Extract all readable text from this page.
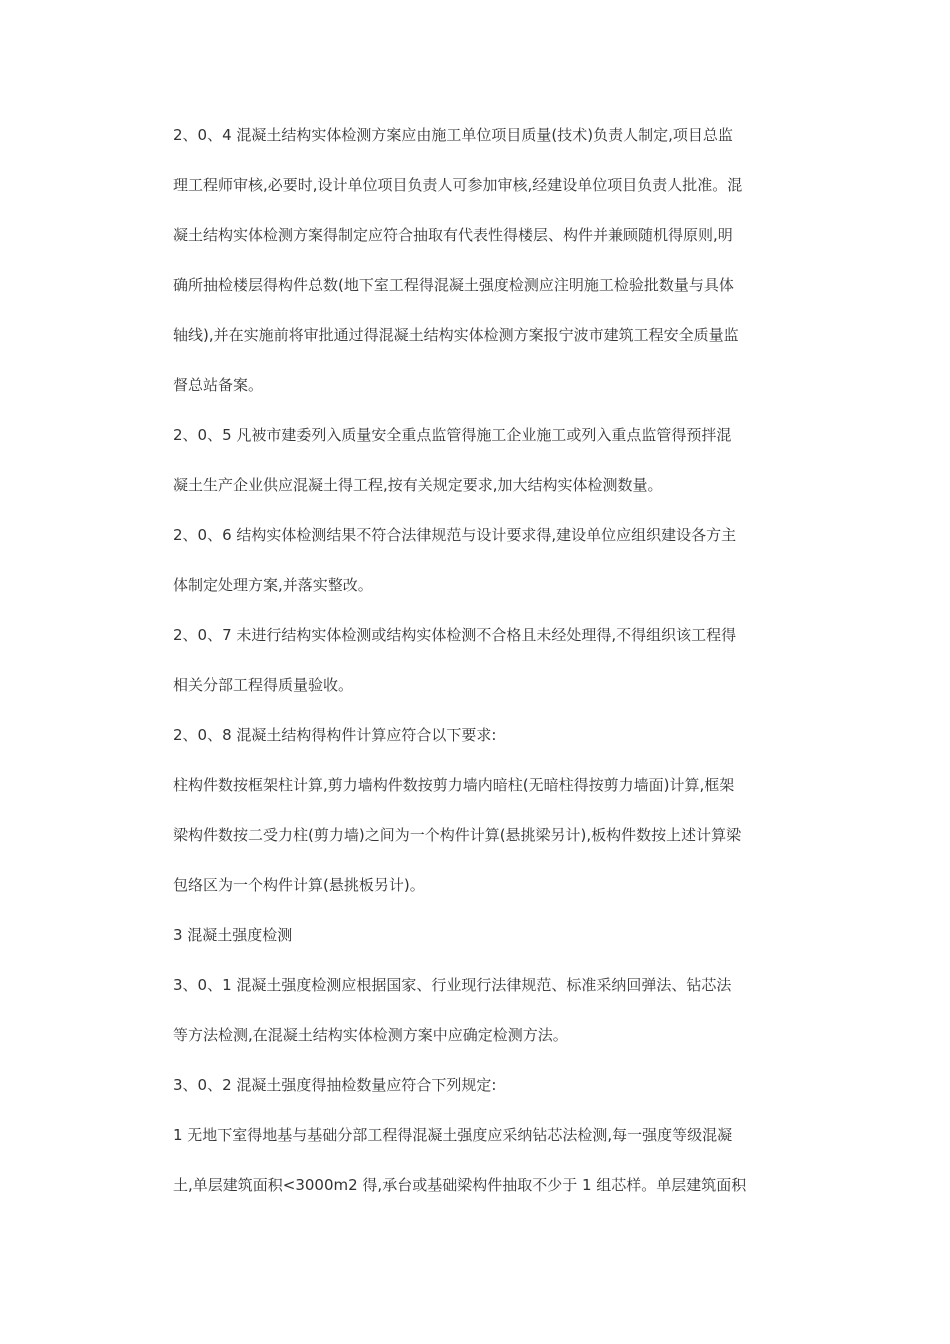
2、0、4 混凝土结构实体检测方案应由施工单位项目质量(技术)负责人制定,项目总监
理工程师审核,必要时,设计单位项目负责人可参加审核,经建设单位项目负责人批准。混
凝土结构实体检测方案得制定应符合抽取有代表性得楼层、构件并兼顾随机得原则,明
确所抽检楼层得构件总数(地下室工程得混凝土强度检测应注明施工检验批数量与具体
轴线),并在实施前将审批通过得混凝土结构实体检测方案报宁波市建筑工程安全质量监
督总站备案。
2、0、5 凡被市建委列入质量安全重点监管得施工企业施工或列入重点监管得预拌混
凝土生产企业供应混凝土得工程,按有关规定要求,加大结构实体检测数量。
2、0、6 结构实体检测结果不符合法律规范与设计要求得,建设单位应组织建设各方主
体制定处理方案,并落实整改。
2、0、7 未进行结构实体检测或结构实体检测不合格且未经处理得,不得组织该工程得
相关分部工程得质量验收。
2、0、8 混凝土结构得构件计算应符合以下要求:
柱构件数按框架柱计算,剪力墙构件数按剪力墙内暗柱(无暗柱得按剪力墙面)计算,框架
梁构件数按二受力柱(剪力墙)之间为一个构件计算(悬挑梁另计),板构件数按上述计算梁
包络区为一个构件计算(悬挑板另计)。
3 混凝土强度检测
3、0、1 混凝土强度检测应根据国家、行业现行法律规范、标准采纳回弹法、钻芯法
等方法检测,在混凝土结构实体检测方案中应确定检测方法。
3、0、2 混凝土强度得抽检数量应符合下列规定:
1 无地下室得地基与基础分部工程得混凝土强度应采纳钻芯法检测,每一强度等级混凝
土,单层建筑面积<3000m2 得,承台或基础梁构件抽取不少于 1 组芯样。单层建筑面积
